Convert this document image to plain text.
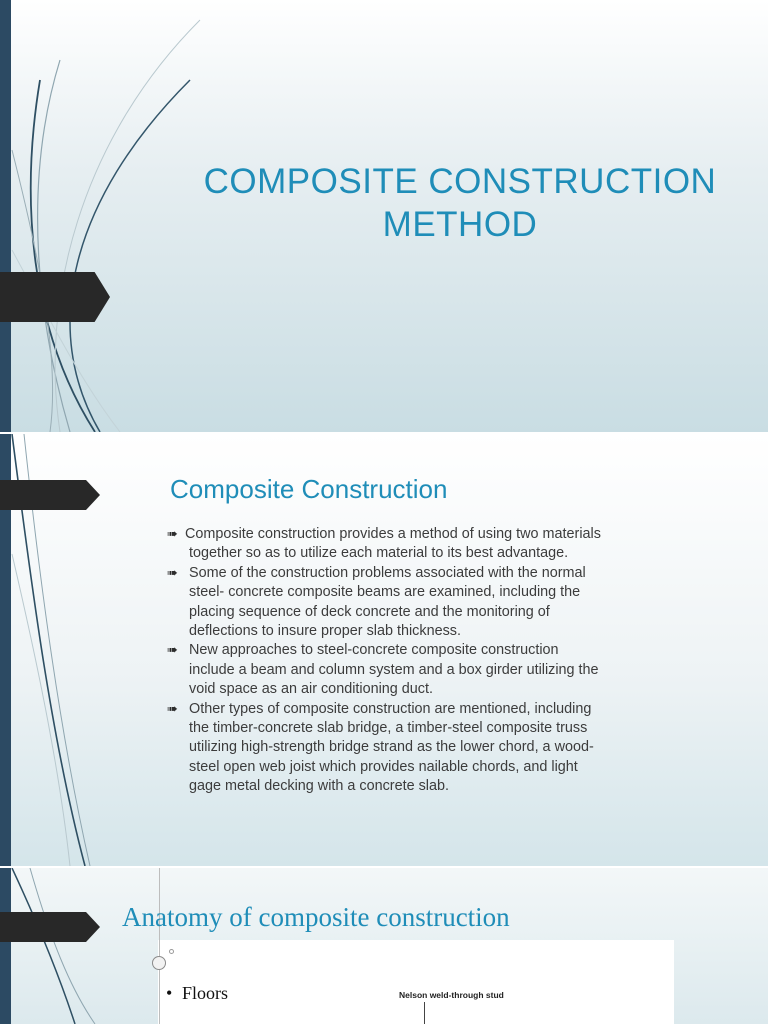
COMPOSITE CONSTRUCTION
METHOD
Composite Construction
➠ Composite construction provides a method of using two materials
together so as to utilize each material to its best advantage.
➠ Some of the construction problems associated with the normal
steel- concrete composite beams are examined, including the
placing sequence of deck concrete and the monitoring of
deflections to insure proper slab thickness.
➠ New approaches to steel-concrete composite construction
include a beam and column system and a box girder utilizing the
void space as an air conditioning duct.
➠ Other types of composite construction are mentioned, including
the timber-concrete slab bridge, a timber-steel composite truss
utilizing high-strength bridge strand as the lower chord, a wood-
steel open web joist which provides nailable chords, and light
gage metal decking with a concrete slab.
Anatomy of composite construction
• Floors	Nelson weld-through stud
